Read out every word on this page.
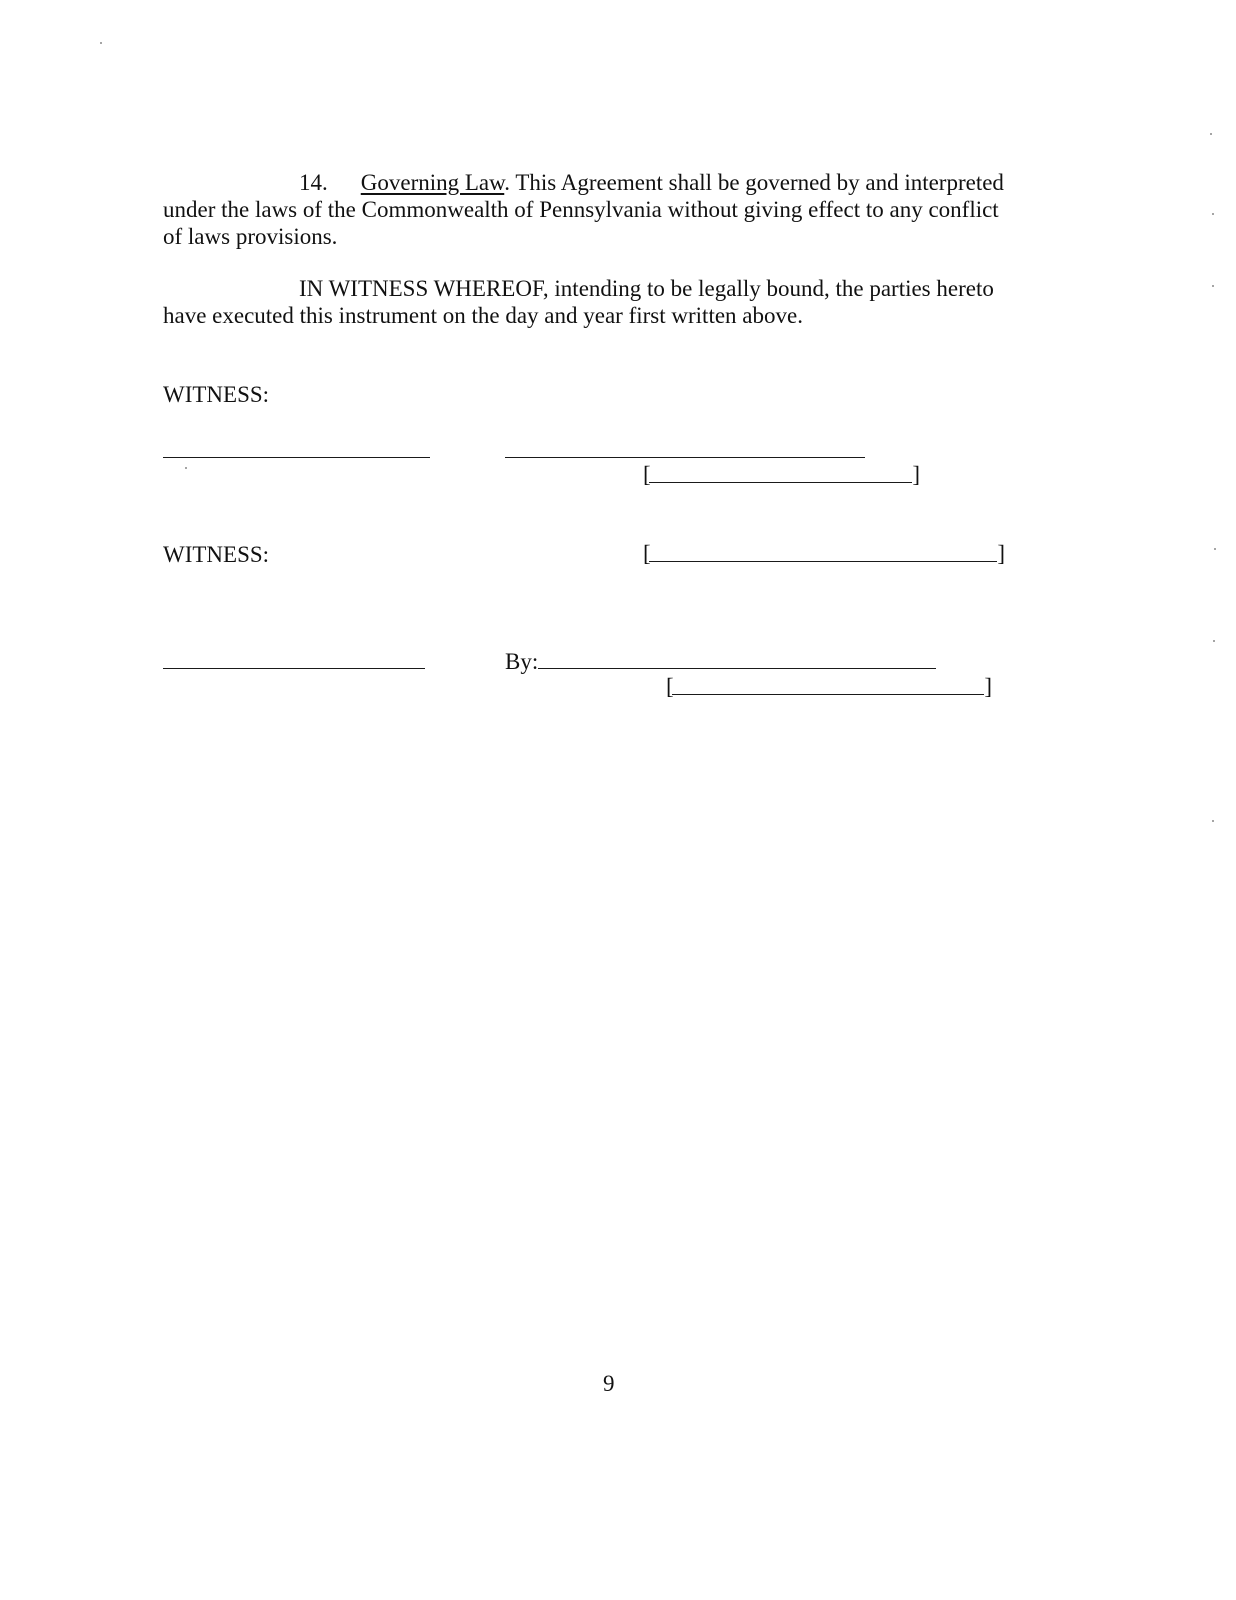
14. Governing Law. This Agreement shall be governed by and interpreted
under the laws of the Commonwealth of Pennsylvania without giving effect to any conflict
of laws provisions.
IN WITNESS WHEREOF, intending to be legally bound, the parties hereto
have executed this instrument on the day and year first written above.
WITNESS:
[	]
WITNESS:	[	]
By:
[	]
9
